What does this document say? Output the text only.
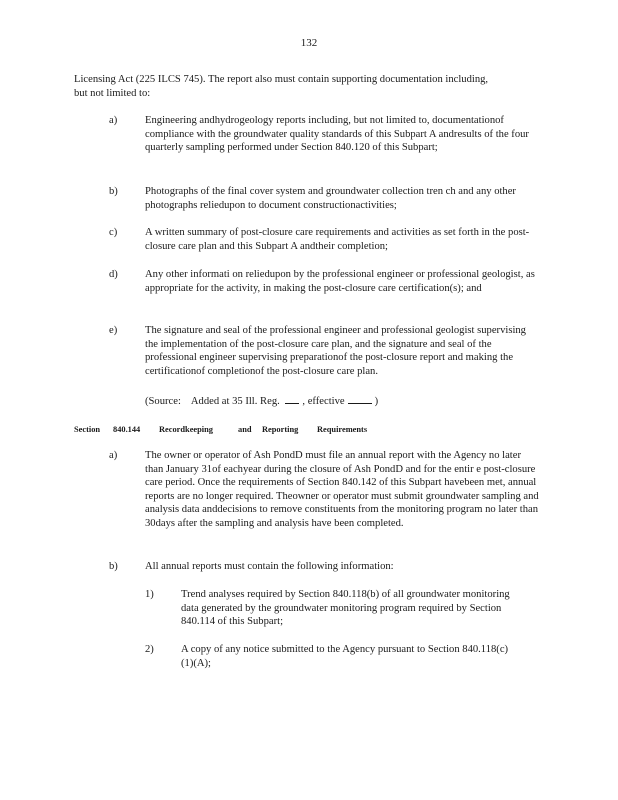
132
Licensing Act (225 ILCS 745). The report also must contain supporting documentation including, but not limited to:
a)	Engineering andhydrogeology reports including, but not limited to, documentationof compliance with the groundwater quality standards of this Subpart A andresults of the four quarterly sampling performed under Section 840.120 of this Subpart;
b)	Photographs of the final cover system and groundwater collection tren ch and any other photographs reliedupon to document constructionactivities;
c)	A written summary of post-closure care requirements and activities as set forth in the post-closure care plan and this Subpart A andtheir completion;
d)	Any other informati on reliedupon by the professional engineer or professional geologist, as appropriate for the activity, in making the post-closure care certification(s); and
e)	The signature and seal of the professional engineer and professional geologist supervising the implementation of the post-closure care plan, and the signature and seal of the professional engineer supervising preparationof the post-closure report and making the certificationof completionof the post-closure care plan.
(Source: Added at 35 Ill. Reg. , effective	)
Section 840.144 Recordkeeping	and Reporting Requirements
a)	The owner or operator of Ash PondD must file an annual report with the Agency no later than January 31of eachyear during the closure of Ash PondD and for the entir e post-closure care period. Once the requirements of Section 840.142 of this Subpart havebeen met, annual reports are no longer required. Theowner or operator must submit groundwater sampling and analysis data anddecisions to remove constituents from the monitoring program no later than 30days after the sampling and analysis have been completed.
b)	All annual reports must contain the following information:
1)	Trend analyses required by Section 840.118(b) of all groundwater monitoring data generated by the groundwater monitoring program required by Section 840.114 of this Subpart;
2)	A copy of any notice submitted to the Agency pursuant to Section 840.118(c)(1)(A);
